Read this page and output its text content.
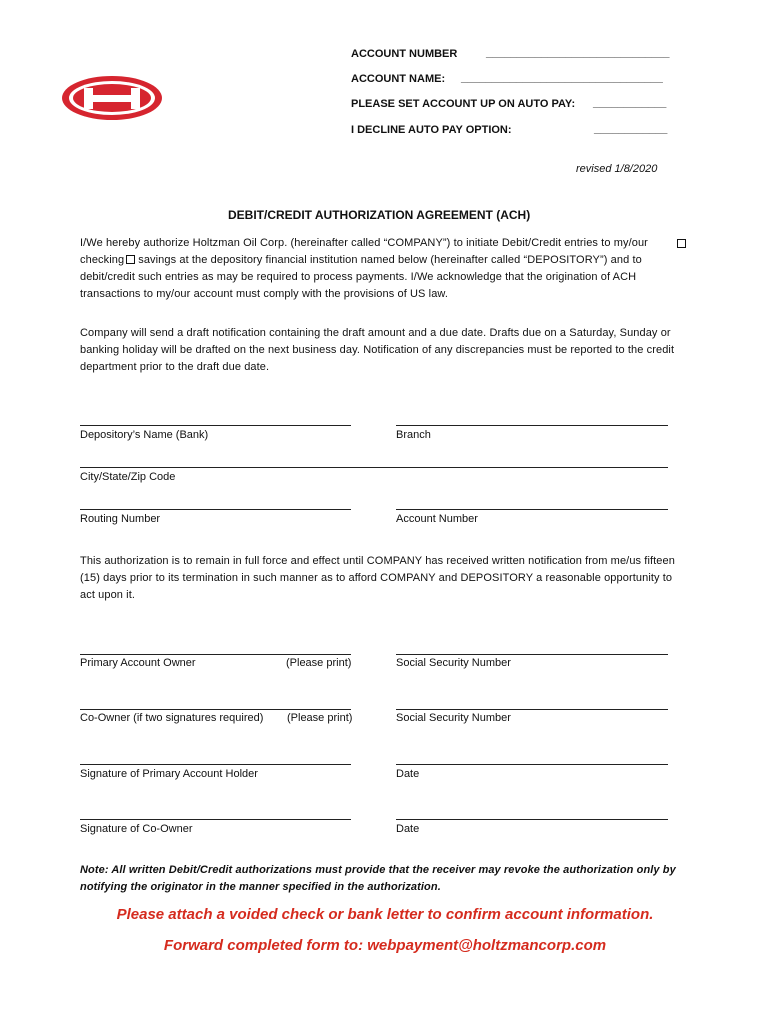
ACCOUNT NUMBER	______________________________
ACCOUNT NAME: _________________________________
PLEASE SET ACCOUNT UP ON AUTO PAY: ____________
I DECLINE AUTO PAY OPTION:	____________
revised 1/8/2020
DEBIT/CREDIT AUTHORIZATION AGREEMENT (ACH)
I/We hereby authorize Holtzman Oil Corp. (hereinafter called “COMPANY”) to initiate Debit/Credit entries to my/our
checking savings at the depository financial institution named below (hereinafter called “DEPOSITORY”) and to
debit/credit such entries as may be required to process payments. I/We acknowledge that the origination of ACH
transactions to my/our account must comply with the provisions of US law.
Company will send a draft notification containing the draft amount and a due date. Drafts due on a Saturday, Sunday or
banking holiday will be drafted on the next business day. Notification of any discrepancies must be reported to the credit
department prior to the draft due date.
Depository’s Name (Bank)	Branch
City/State/Zip Code
Routing Number	Account Number
This authorization is to remain in full force and effect until COMPANY has received written notification from me/us fifteen
(15) days prior to its termination in such manner as to afford COMPANY and DEPOSITORY a reasonable opportunity to
act upon it.
Primary Account Owner	(Please print)	Social Security Number
Co-Owner (if two signatures required) (Please print)	Social Security Number
Signature of Primary Account Holder	Date
Signature of Co-Owner	Date
Note: All written Debit/Credit authorizations must provide that the receiver may revoke the authorization only by
notifying the originator in the manner specified in the authorization.
Please attach a voided check or bank letter to confirm account information.
Forward completed form to: webpayment@holtzmancorp.com
